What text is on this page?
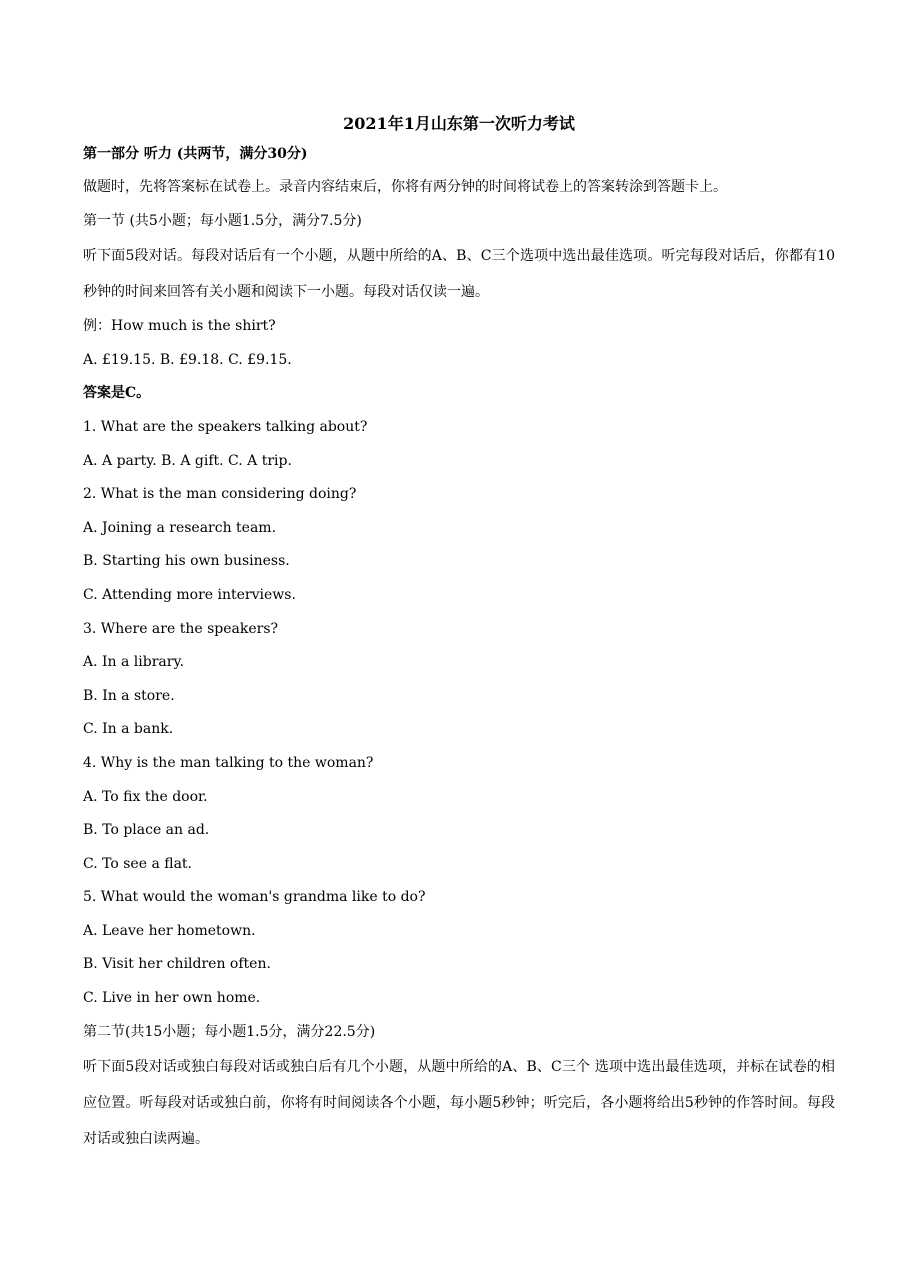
2021年1月山东第一次听力考试

第一部分 听力 (共两节，满分30分)

做题时，先将答案标在试卷上。录音内容结束后，你将有两分钟的时间将试卷上的答案转涂到答题卡上。

第一节 (共5小题；每小题1.5分，满分7.5分)

听下面5段对话。每段对话后有一个小题，从题中所给的A、B、C三个选项中选出最佳选项。听完每段对话后，你都有10秒钟的时间来回答有关小题和阅读下一小题。每段对话仅读一遍。

例：How much is the shirt?

A. £19.15. B. £9.18. C. £9.15.

答案是C。

1. What are the speakers talking about?

A. A party. B. A gift. C. A trip.

2. What is the man considering doing?

A. Joining a research team.

B. Starting his own business.

C. Attending more interviews.

3. Where are the speakers?

A. In a library.

B. In a store.

C. In a bank.

4. Why is the man talking to the woman?

A. To fix the door.

B. To place an ad.

C. To see a flat.

5. What would the woman's grandma like to do?

A. Leave her hometown.

B. Visit her children often.

C. Live in her own home.

第二节(共15小题；每小题1.5分，满分22.5分)

听下面5段对话或独白每段对话或独白后有几个小题，从题中所给的A、B、C三个 选项中选出最佳选项，并标在试卷的相应位置。听每段对话或独白前，你将有时间阅读各个小题，每小题5秒钟；听完后，各小题将给出5秒钟的作答时间。每段对话或独白读两遍。
